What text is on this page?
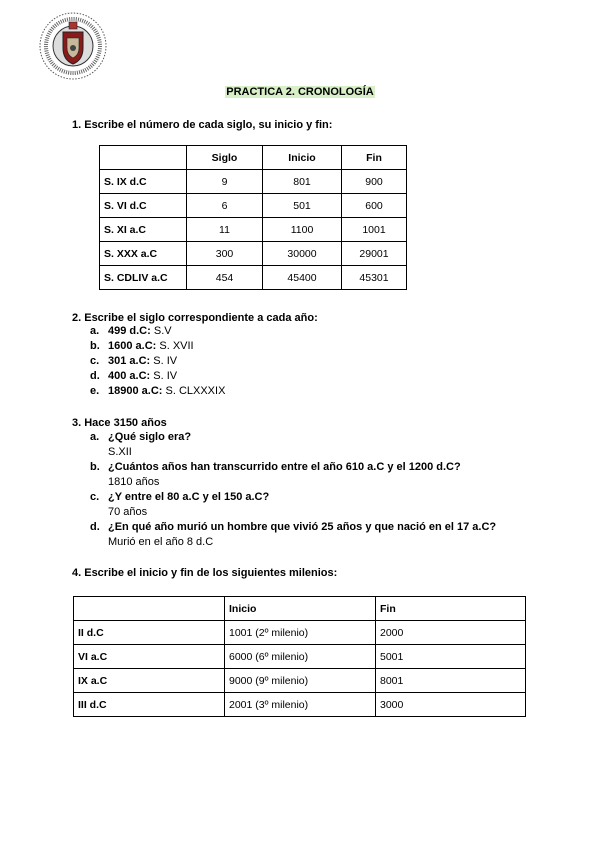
PRACTICA 2. CRONOLOGÍA
1. Escribe el número de cada siglo, su inicio y fin:
	Siglo	Inicio	Fin
S. IX d.C	9	801	900
S. VI d.C	6	501	600
S. XI a.C	11	1100	1001
S. XXX a.C	300	30000	29001
S. CDLIV a.C	454	45400	45301
2. Escribe el siglo correspondiente a cada año:
a. 499 d.C: S.V
b. 1600 a.C: S. XVII
c. 301 a.C: S. IV
d. 400 a.C: S. IV
e. 18900 a.C: S. CLXXXIX
3. Hace 3150 años
a. ¿Qué siglo era?
S.XII
b. ¿Cuántos años han transcurrido entre el año 610 a.C y el 1200 d.C?
1810 años
c. ¿Y entre el 80 a.C y el 150 a.C?
70 años
d. ¿En qué año murió un hombre que vivió 25 años y que nació en el 17 a.C?
Murió en el año 8 d.C
4. Escribe el inicio y fin de los siguientes milenios:
	Inicio	Fin
II d.C	1001 (2º milenio)	2000
VI a.C	6000 (6º milenio)	5001
IX a.C	9000 (9º milenio)	8001
III d.C	2001 (3º milenio)	3000
